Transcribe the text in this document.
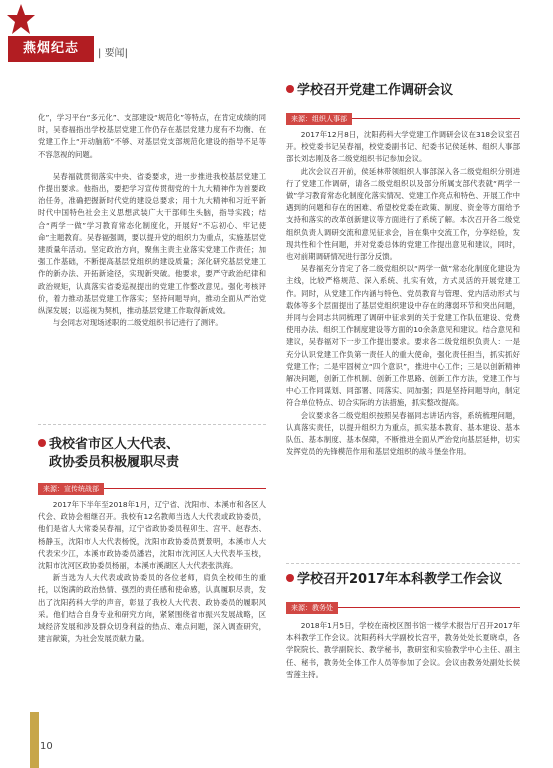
燕烟纪志	| 要闻|

化”，学习平台“多元化”、支部建设“规范化”等特点，在肯定成绩的同时，吴春福指出学校基层党建工作仍存在基层党建力度有不均衡、在党建工作上“开动脑筋”不够、对基层党支部规范化建设的指导不足等不容忽视的问题。

吴春福就贯彻落实中央、省委要求，进一步推进我校基层党建工作提出要求。他指出，要把学习宣传贯彻党的十九大精神作为首要政治任务，准确把握新时代党的建设总要求；用十九大精神和习近平新时代中国特色社会主义思想武装广大干部师生头脑，指导实践；结合“两学一做”学习教育常态化制度化，开展好“不忘初心、牢记使命”主题教育。吴春福强调，要以提升党的组织力为重点，实施基层党建质量年活动。坚定政治方向，聚焦主责主业落实党建工作责任；加强工作基础，不断提高基层党组织的建设质量；深化研究基层党建工作的新办法、开拓新途径，实现新突破。他要求，要严守政治纪律和政治规矩，认真落实省委巡视提出的党建工作整改意见。强化考核评价，着力推动基层党建工作落实；坚持问题导向，推动全面从严治党纵深发展；以巡视为契机，推动基层党建工作取得新成效。

与会同志对现场述职的二级党组织书记进行了测评。

我校省市区人大代表、
政协委员积极履职尽责
来源：宣传统战部

2017年下半年至2018年1月，辽宁省、沈阳市、本溪市和各区人代会、政协会相继召开。我校有12名教师当选人大代表或政协委员，他们是省人大常委吴春福，辽宁省政协委员程卯生、宫平、赵春杰、杨静玉，沈阳市人大代表杨悦，沈阳市政协委员贾景明，本溪市人大代表宋少江，本溪市政协委员潘岩，沈阳市沈河区人大代表毕玉枝，沈阳市沈河区政协委员杨丽，本溪市溪湖区人大代表张洪海。

新当选为人大代表或政协委员的各位老师，肩负全校师生的重托，以饱满的政治热情、强烈的责任感和使命感，认真履职尽责，发出了沈阳药科大学的声音，彰显了我校人大代表、政协委员的履职风采。他们结合自身专业和研究方向，紧紧围绕省市振兴发展战略，区域经济发展和涉及群众切身利益的热点、难点问题，深入调查研究，建言献策，为社会发展贡献力量。

学校召开党建工作调研会议
来源：组织人事部

2017年12月8日，沈阳药科大学党建工作调研会议在318会议室召开。校党委书记吴春福，校党委副书记、纪委书记侯延林、组织人事部部长刘志刚及各二级党组织书记参加会议。

此次会议召开前，侯延林带领组织人事部深入各二级党组织分别进行了党建工作调研，请各二级党组织以及部分所属支部代表就“两学一做”学习教育常态化制度化落实情况、党建工作亮点和特色、开展工作中遇到的问题和存在的困难、希望校党委在政策、制度、资金等方面给予支持和落实的改革创新建议等方面进行了系统了解。本次召开各二级党组织负责人调研交流和意见征求会，旨在集中交流工作，分享经验，发现共性和个性问题，并对党委总体的党建工作提出意见和建议，同时，也对前期调研情况进行部分反馈。

吴春福充分肯定了各二级党组织以“两学一做”常态化制度化建设为主线，比较严格规范、深入系统、扎实有效，方式灵活的开展党建工作。同时，从党建工作内涵与特色、党员教育与管理、党内活动形式与载体等多个层面提出了基层党组织建设中存在的薄弱环节和突出问题，并同与会同志共同梳理了调研中征求到的关于党建工作队伍建设、党费使用办法、组织工作制度建设等方面的10余条意见和建议。结合意见和建议，吴春福对下一步工作提出要求。要求各二级党组织负责人：一是充分认识党建工作负第一责任人的重大使命，强化责任担当，抓实抓好党建工作；二是牢固树立“四个意识”，推进中心工作；三是以创新精神解决问题，创新工作机制、创新工作思路、创新工作方法，党建工作与中心工作同谋划、同部署、同落实、同加强；四是坚持问题导向，制定符合单位特点、切合实际的方法措施，抓实整改提高。

会议要求各二级党组织按照吴春福同志讲话内容，系统梳理问题，认真落实责任，以提升组织力为重点，抓实基本教育、基本建设、基本队伍、基本制度、基本保障，不断推进全面从严治党向基层延伸，切实发挥党员的先锋模范作用和基层党组织的战斗堡垒作用。

学校召开2017年本科教学工作会议
来源：教务处

2018年1月5日，学校在南校区图书馆一楼学术报告厅召开2017年本科教学工作会议。沈阳药科大学副校长宫平，教务处处长夏晓卓，各学院院长、教学副院长、教学秘书，教研室和实验教学中心主任、副主任、秘书，教务处全体工作人员等参加了会议。会议由教务处副处长侯雪莲主持。

10
